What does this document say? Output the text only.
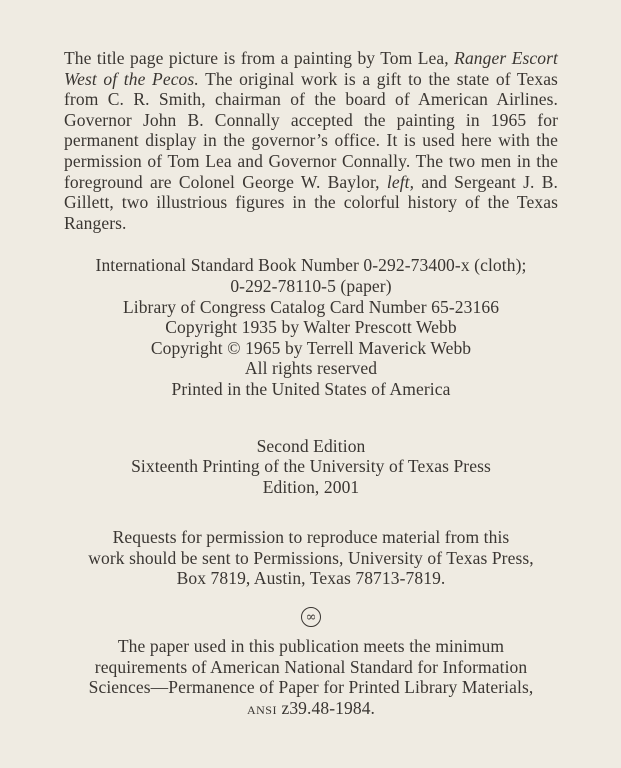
The title page picture is from a painting by Tom Lea, Ranger Escort West of the Pecos. The original work is a gift to the state of Texas from C. R. Smith, chairman of the board of American Airlines. Governor John B. Connally accepted the painting in 1965 for permanent display in the governor’s office. It is used here with the permission of Tom Lea and Governor Connally. The two men in the foreground are Colonel George W. Baylor, left, and Sergeant J. B. Gillett, two illustrious figures in the colorful history of the Texas Rangers.

International Standard Book Number 0-292-73400-x (cloth);
0-292-78110-5 (paper)
Library of Congress Catalog Card Number 65-23166
Copyright 1935 by Walter Prescott Webb
Copyright © 1965 by Terrell Maverick Webb
All rights reserved
Printed in the United States of America
Second Edition
Sixteenth Printing of the University of Texas Press
Edition, 2001
Requests for permission to reproduce material from this
work should be sent to Permissions, University of Texas Press,
Box 7819, Austin, Texas 78713-7819.
∞
The paper used in this publication meets the minimum
requirements of American National Standard for Information
Sciences—Permanence of Paper for Printed Library Materials,
ansi z39.48-1984.
